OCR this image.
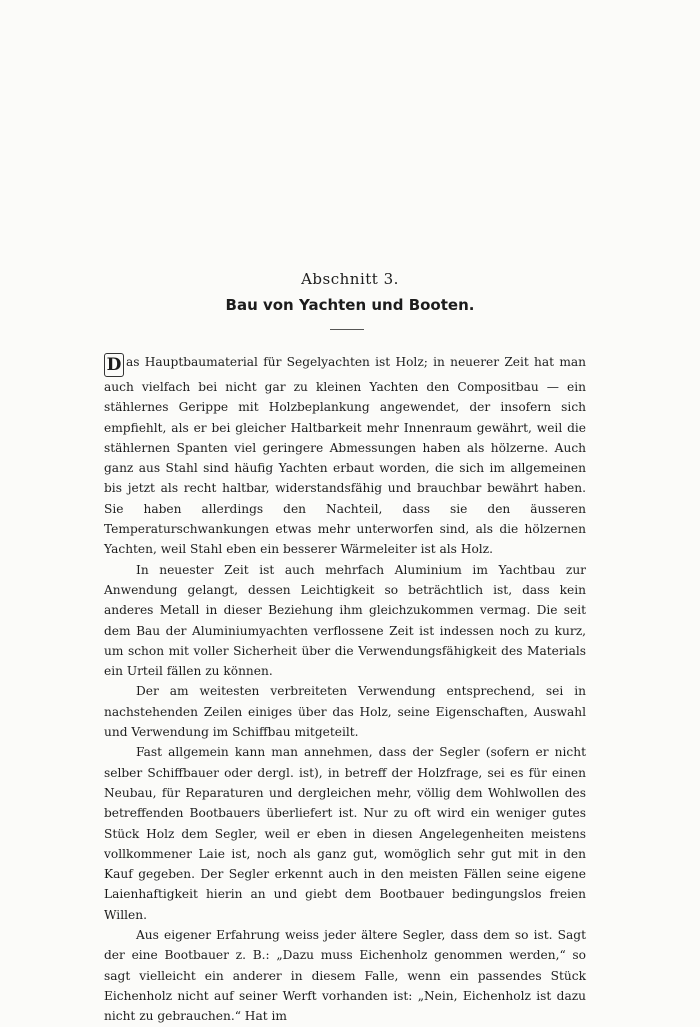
Abschnitt 3.
Bau von Yachten und Booten.

D as Hauptbaumaterial für Segelyachten ist Holz; in neuerer Zeit hat man auch vielfach bei nicht gar zu kleinen Yachten den Compositbau — ein stählernes Gerippe mit Holzbeplankung angewendet, der insofern sich empfiehlt, als er bei gleicher Haltbarkeit mehr Innenraum gewährt, weil die stählernen Spanten viel geringere Abmessungen haben als hölzerne. Auch ganz aus Stahl sind häufig Yachten erbaut worden, die sich im allgemeinen bis jetzt als recht haltbar, widerstandsfähig und brauchbar bewährt haben. Sie haben allerdings den Nachteil, dass sie den äusseren Temperaturschwankungen etwas mehr unterworfen sind, als die hölzernen Yachten, weil Stahl eben ein besserer Wärmeleiter ist als Holz.

In neuester Zeit ist auch mehrfach Aluminium im Yachtbau zur Anwendung gelangt, dessen Leichtigkeit so beträchtlich ist, dass kein anderes Metall in dieser Beziehung ihm gleichzukommen vermag. Die seit dem Bau der Aluminiumyachten verflossene Zeit ist indessen noch zu kurz, um schon mit voller Sicherheit über die Verwendungsfähigkeit des Materials ein Urteil fällen zu können.

Der am weitesten verbreiteten Verwendung entsprechend, sei in nachstehenden Zeilen einiges über das Holz, seine Eigenschaften, Auswahl und Verwendung im Schiffbau mitgeteilt.

Fast allgemein kann man annehmen, dass der Segler (sofern er nicht selber Schiffbauer oder dergl. ist), in betreff der Holzfrage, sei es für einen Neubau, für Reparaturen und dergleichen mehr, völlig dem Wohlwollen des betreffenden Bootbauers überliefert ist. Nur zu oft wird ein weniger gutes Stück Holz dem Segler, weil er eben in diesen Angelegenheiten meistens vollkommener Laie ist, noch als ganz gut, womöglich sehr gut mit in den Kauf gegeben. Der Segler erkennt auch in den meisten Fällen seine eigene Laienhaftigkeit hierin an und giebt dem Bootbauer bedingungslos freien Willen.

Aus eigener Erfahrung weiss jeder ältere Segler, dass dem so ist. Sagt der eine Bootbauer z. B.: „Dazu muss Eichenholz genommen werden,“ so sagt vielleicht ein anderer in diesem Falle, wenn ein passendes Stück Eichenholz nicht auf seiner Werft vorhanden ist: „Nein, Eichenholz ist dazu nicht zu gebrauchen.“ Hat im
